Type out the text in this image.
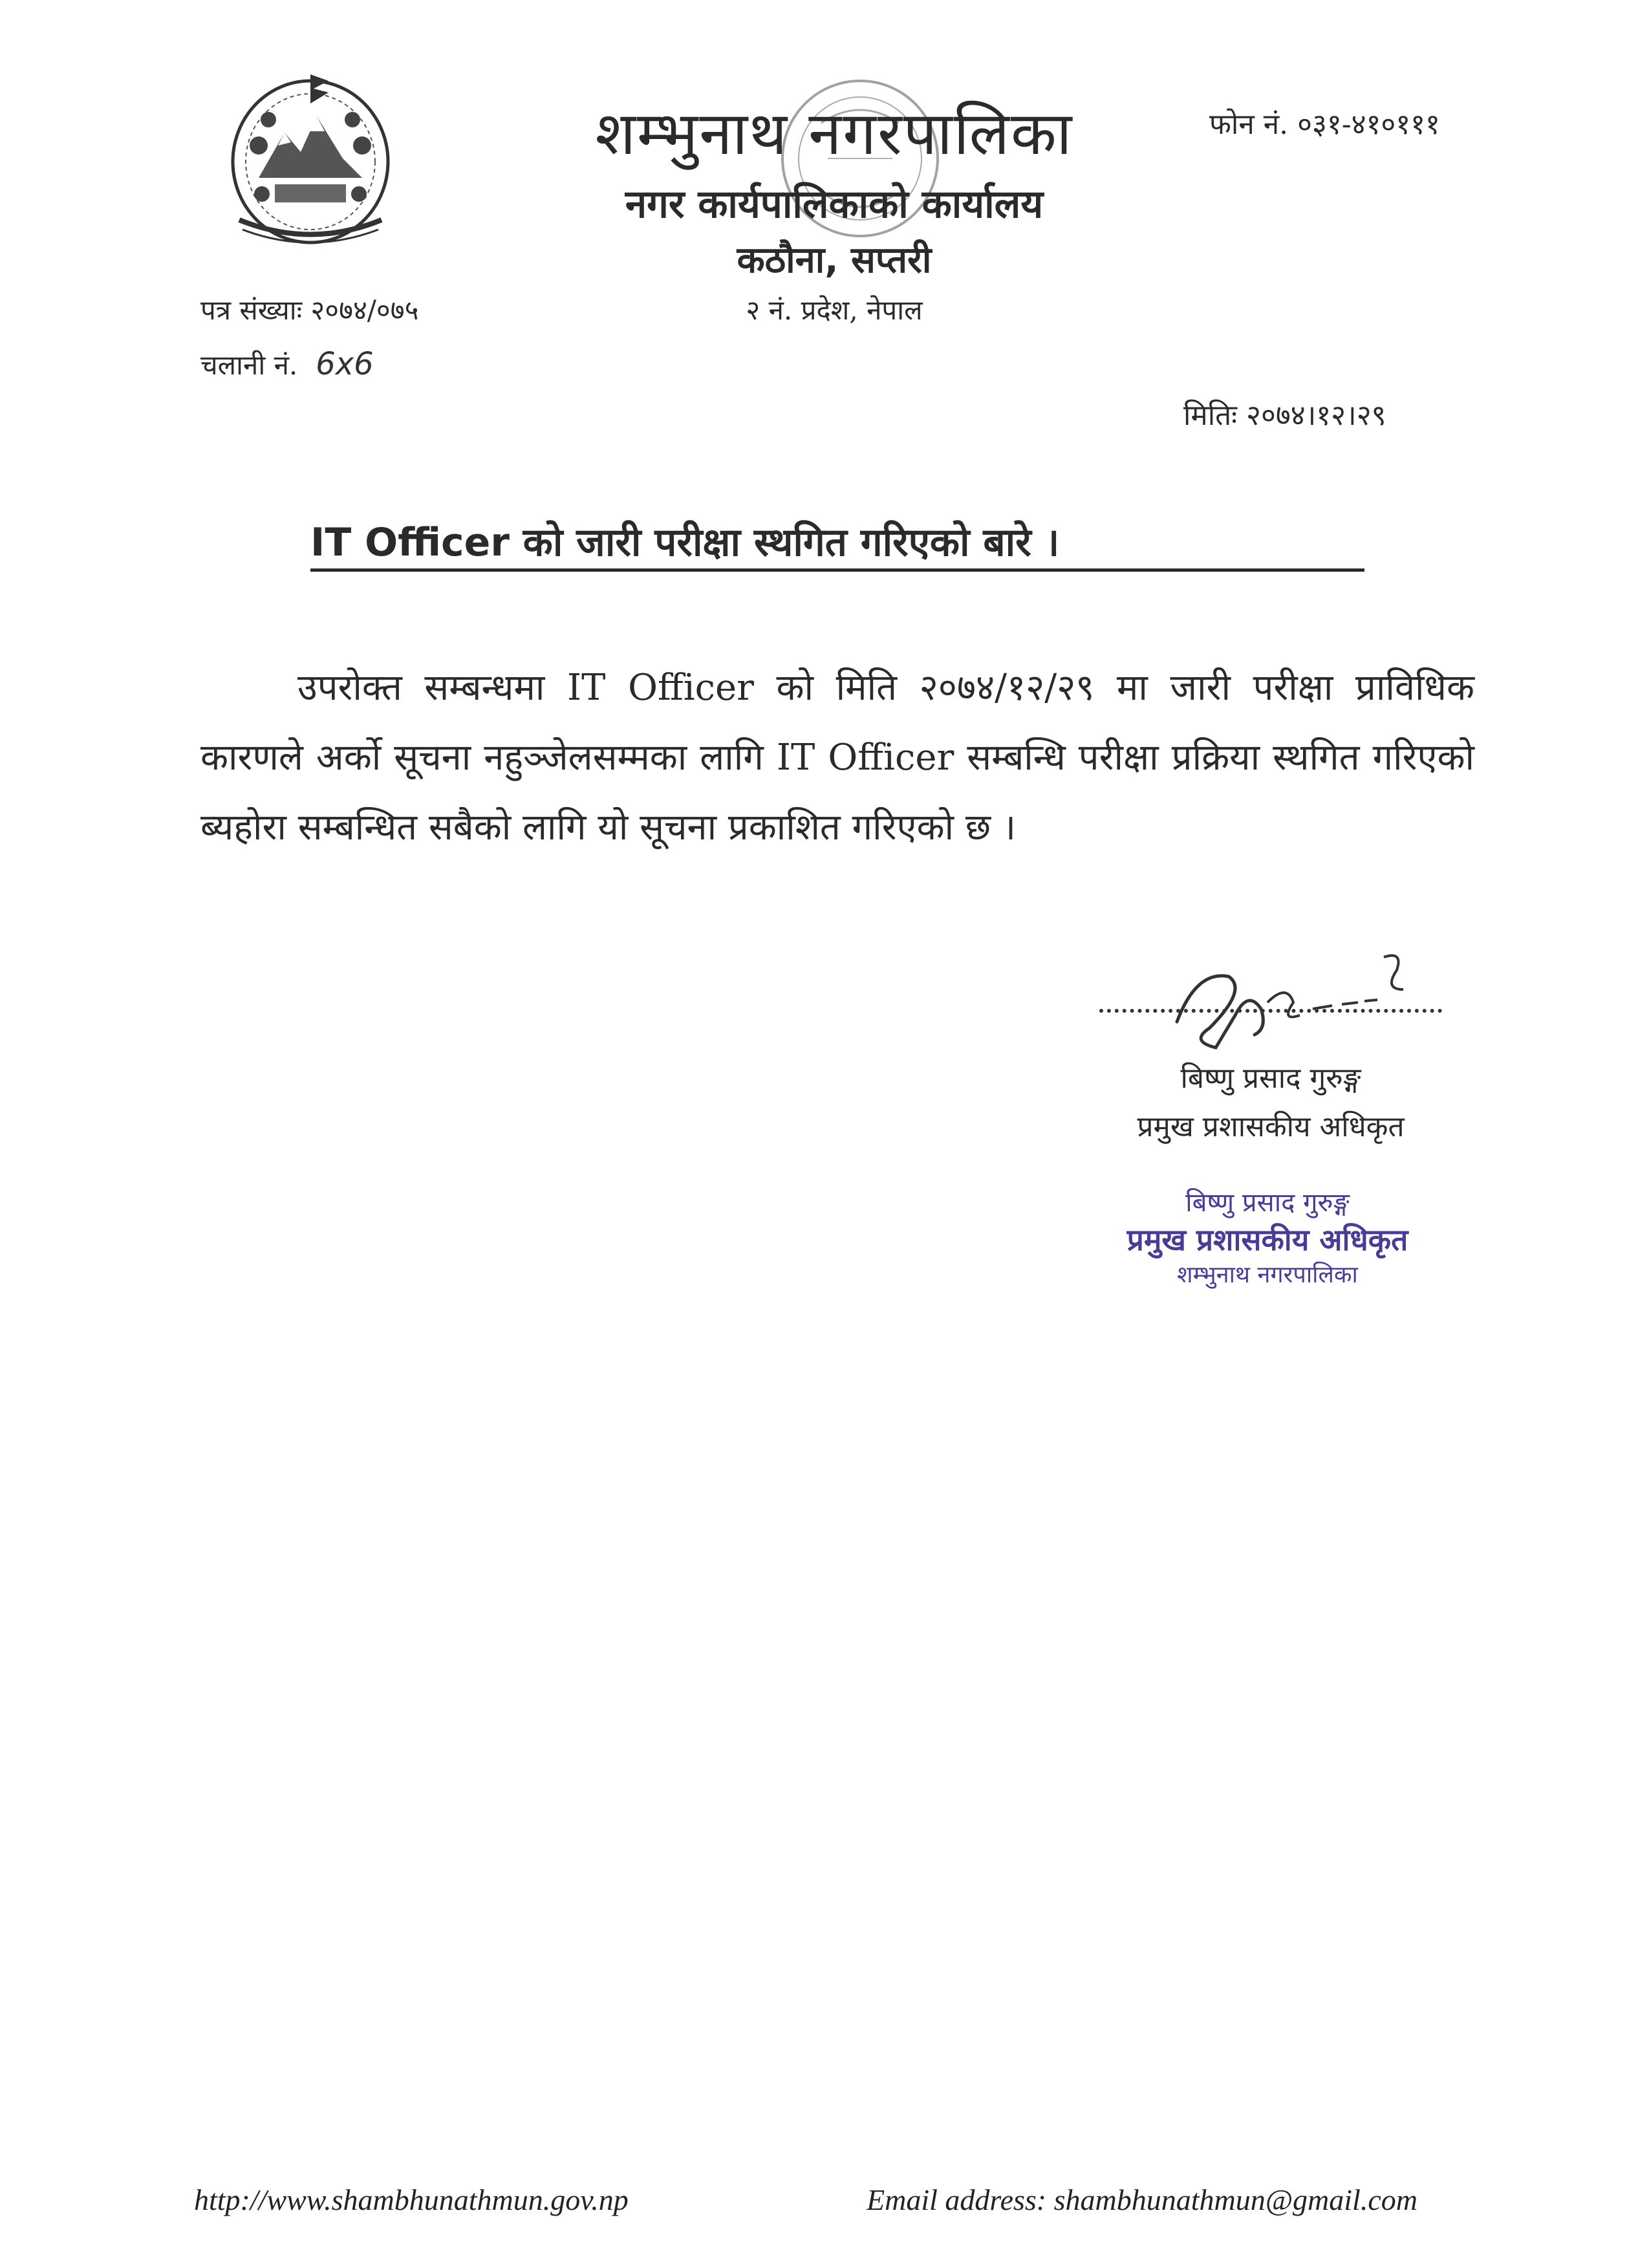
शम्भुनाथ नगरपालिका
नगर कार्यपालिकाको कार्यालय
कठौना, सप्तरी
२ नं. प्रदेश, नेपाल
फोन नं. ०३१-४१०१११
पत्र संख्याः २०७४/०७५
चलानी नं. 6x6
मितिः २०७४।१२।२९
IT Officer को जारी परीक्षा स्थगित गरिएको बारे ।
उपरोक्त सम्बन्धमा IT Officer को मिति २०७४/१२/२९ मा जारी परीक्षा प्राविधिक कारणले अर्को सूचना नहुञ्जेलसम्मका लागि IT Officer सम्बन्धि परीक्षा प्रक्रिया स्थगित गरिएको ब्यहोरा सम्बन्धित सबैको लागि यो सूचना प्रकाशित गरिएको छ ।
बिष्णु प्रसाद गुरुङ्ग
प्रमुख प्रशासकीय अधिकृत
बिष्णु प्रसाद गुरुङ्ग
प्रमुख प्रशासकीय अधिकृत
शम्भुनाथ नगरपालिका
http://www.shambhunathmun.gov.np	Email address: shambhunathmun@gmail.com
